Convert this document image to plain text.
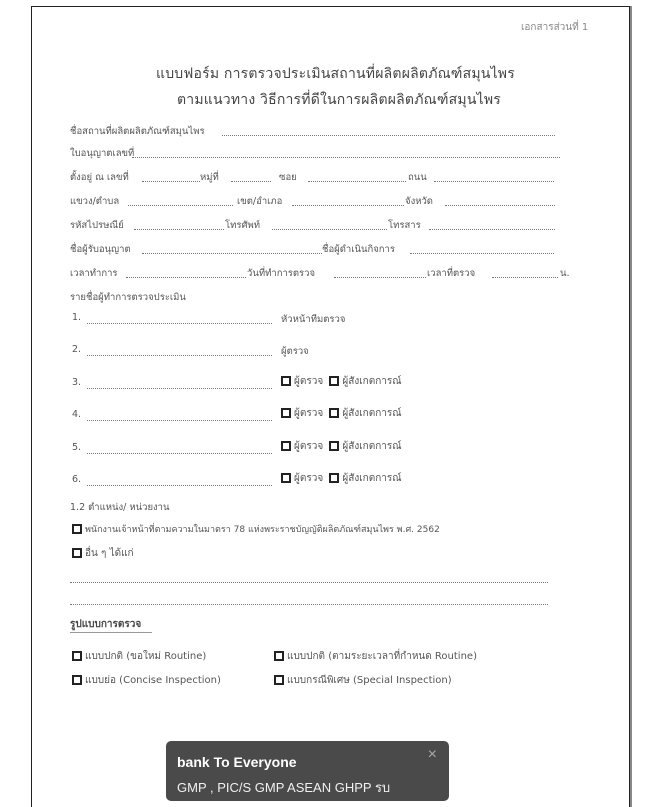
เอกสารส่วนที่ 1
แบบฟอร์ม การตรวจประเมินสถานที่ผลิตผลิตภัณฑ์สมุนไพร
ตามแนวทาง วิธีการที่ดีในการผลิตผลิตภัณฑ์สมุนไพร
ชื่อสถานที่ผลิตผลิตภัณฑ์สมุนไพร
ใบอนุญาตเลขที่
ตั้งอยู่ ณ เลขที่	หมู่ที่	ซอย	ถนน
แขวง/ตำบล	เขต/อำเภอ	จังหวัด
รหัสไปรษณีย์	โทรศัพท์	โทรสาร
ชื่อผู้รับอนุญาต	ชื่อผู้ดำเนินกิจการ
เวลาทำการ	วันที่ทำการตรวจ	เวลาที่ตรวจ	น.
รายชื่อผู้ทำการตรวจประเมิน
1.	หัวหน้าทีมตรวจ
2.	ผู้ตรวจ
3.	ผู้ตรวจ ผู้สังเกตการณ์
4.	ผู้ตรวจ ผู้สังเกตการณ์
5.	ผู้ตรวจ ผู้สังเกตการณ์
6.	ผู้ตรวจ ผู้สังเกตการณ์
1.2 ตำแหน่ง/ หน่วยงาน
พนักงานเจ้าหน้าที่ตามความในมาตรา 78 แห่งพระราชบัญญัติผลิตภัณฑ์สมุนไพร พ.ศ. 2562
อื่น ๆ ได้แก่
รูปแบบการตรวจ
แบบปกติ (ขอใหม่ Routine)	แบบปกติ (ตามระยะเวลาที่กำหนด Routine)
แบบย่อ (Concise Inspection)	แบบกรณีพิเศษ (Special Inspection)
bank To Everyone
GMP , PIC/S GMP ASEAN GHPP รบ
×
